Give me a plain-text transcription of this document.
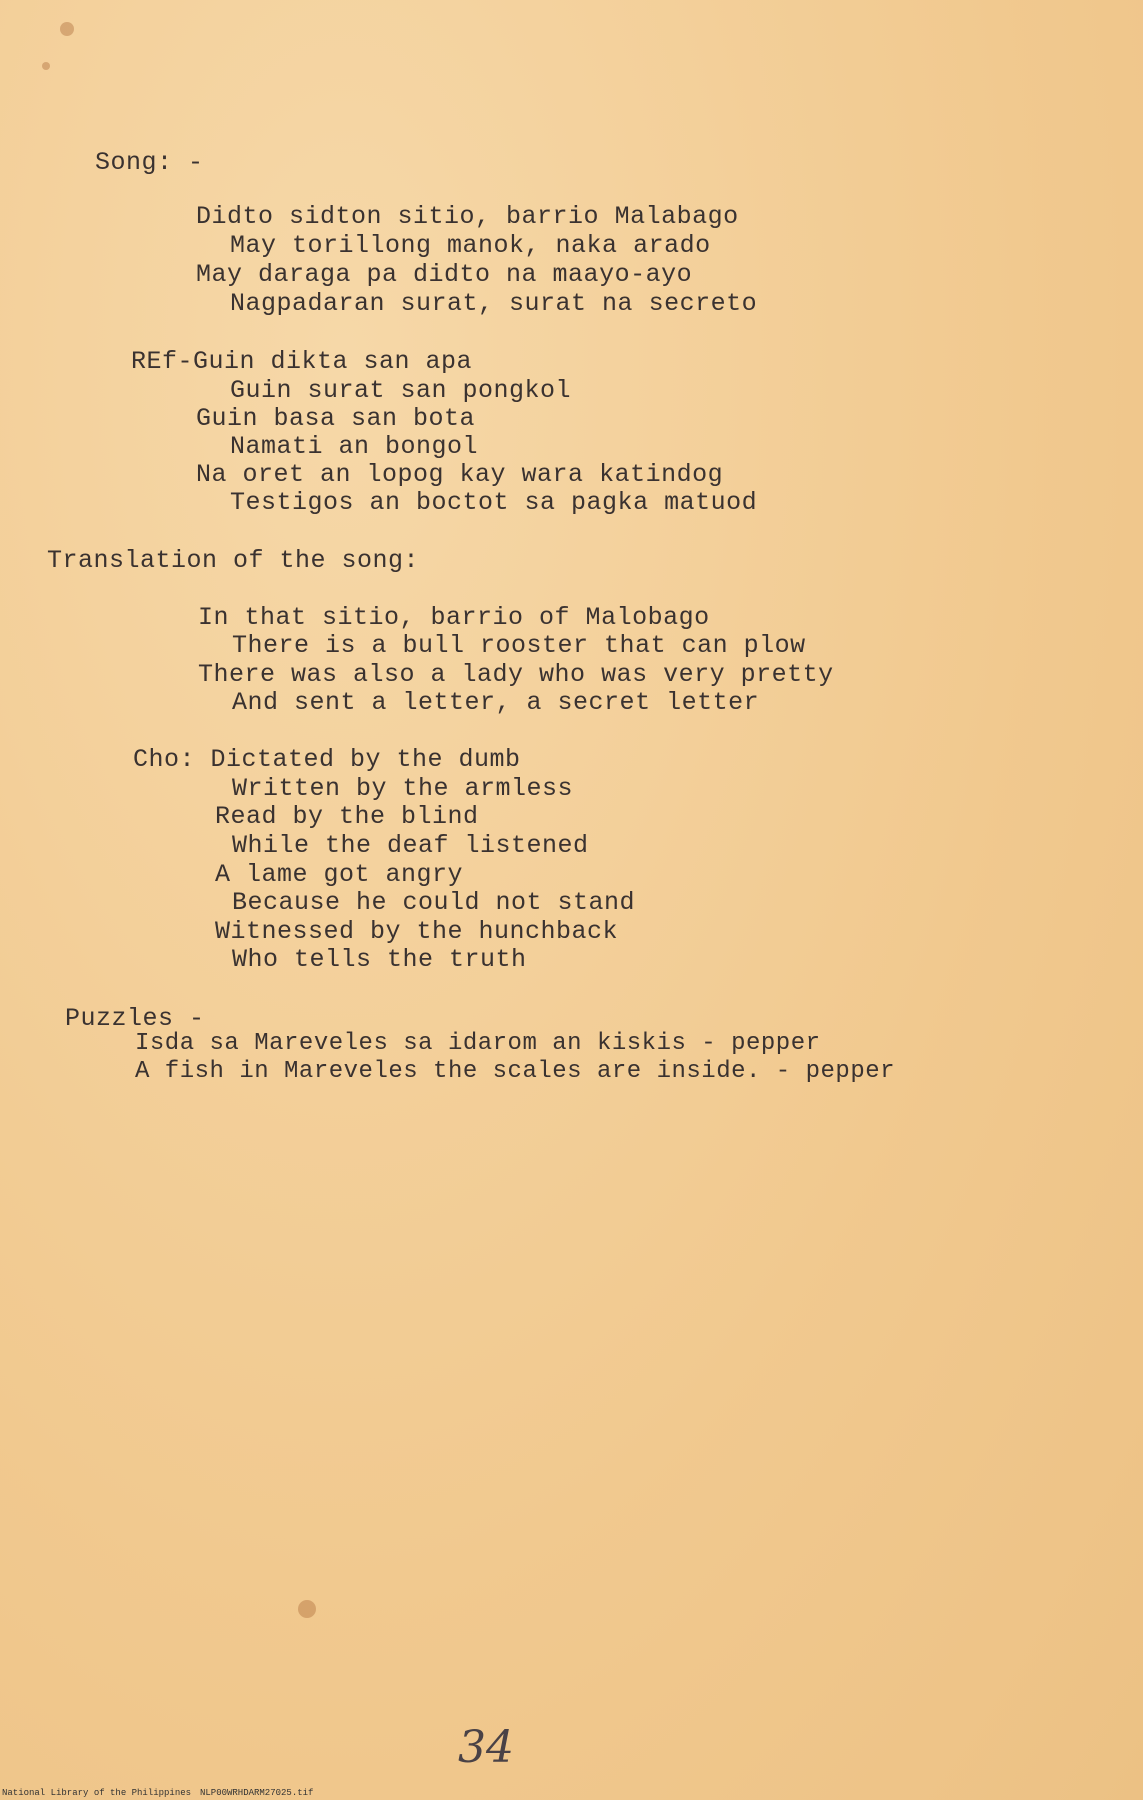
Song: -
Didto sidton sitio, barrio Malabago
May torillong manok, naka arado
May daraga pa didto na maayo-ayo
Nagpadaran surat, surat na secreto
REf-Guin dikta san apa
Guin surat san pongkol
Guin basa san bota
Namati an bongol
Na oret an lopog kay wara katindog
Testigos an boctot sa pagka matuod
Translation of the song:
In that sitio, barrio of Malobago
There is a bull rooster that can plow
There was also a lady who was very pretty
And sent a letter, a secret letter
Cho: Dictated by the dumb
Written by the armless
Read by the blind
While the deaf listened
A lame got angry
Because he could not stand
Witnessed by the hunchback
Who tells the truth
Puzzles -
Isda sa Mareveles sa idarom an kiskis - pepper
A fish in Mareveles the scales are inside. - pepper
34
National Library of the Philippines NLP00WRHDARM27025.tif
